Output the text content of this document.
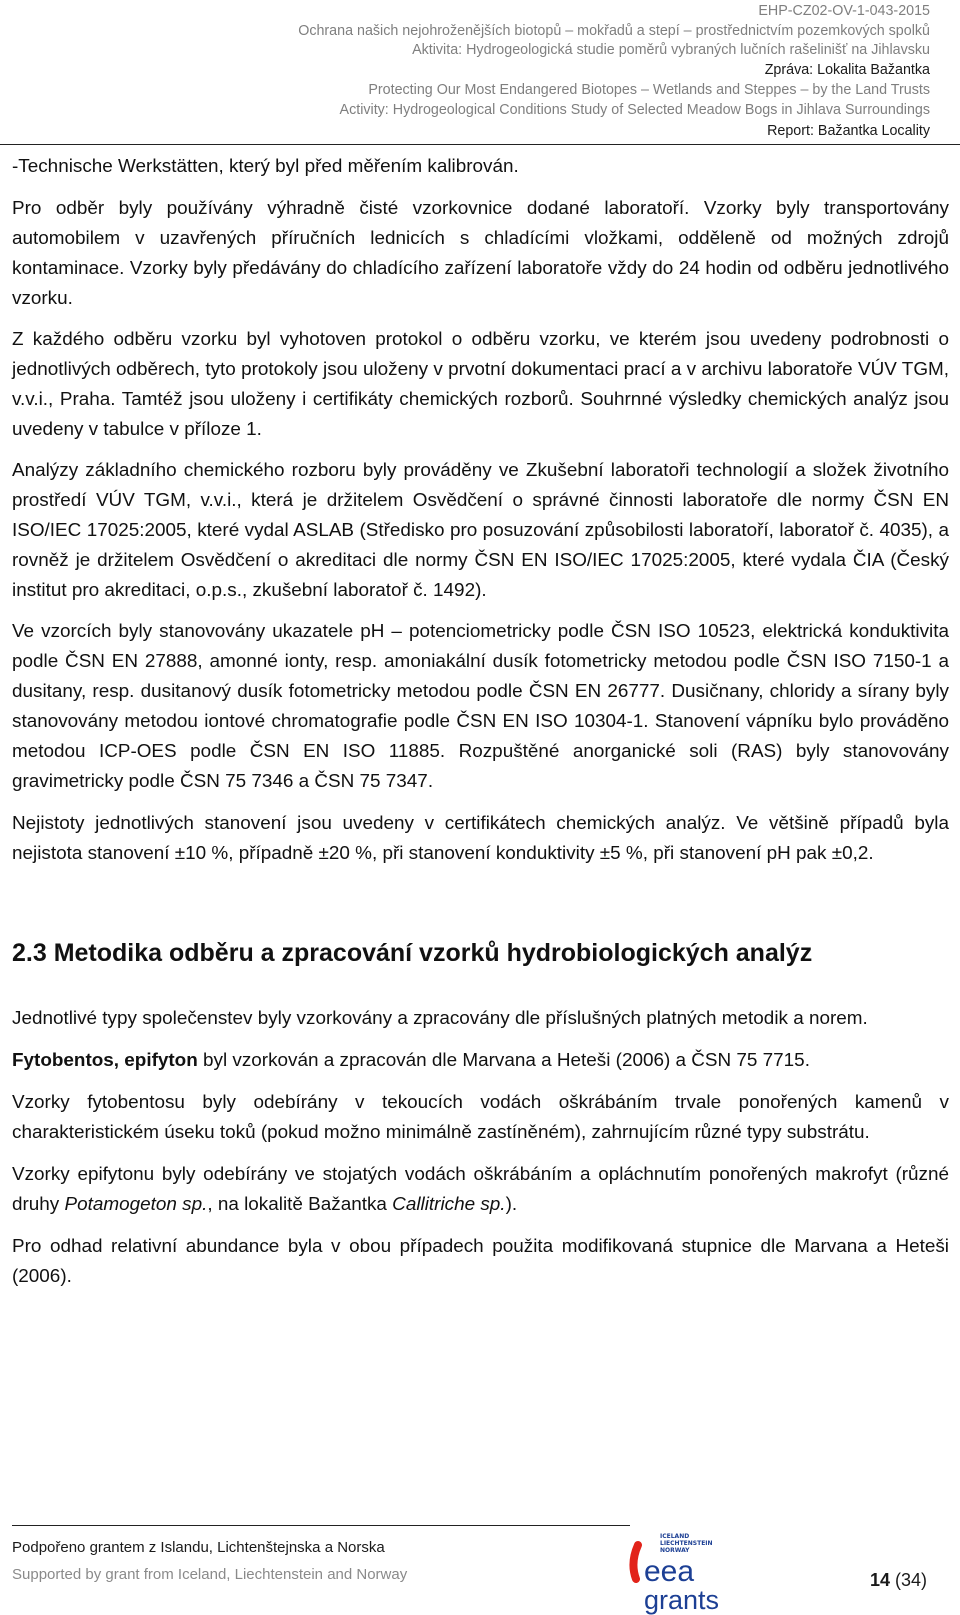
EHP-CZ02-OV-1-043-2015
Ochrana našich nejohroženějších biotopů – mokřadů a stepí – prostřednictvím pozemkových spolků
Aktivita: Hydrogeologická studie poměrů vybraných lučních rašelinišť na Jihlavsku
Zpráva: Lokalita Bažantka
Protecting Our Most Endangered Biotopes – Wetlands and Steppes – by the Land Trusts
Activity: Hydrogeological Conditions Study of Selected Meadow Bogs in Jihlava Surroundings
Report: Bažantka Locality

-Technische Werkstätten, který byl před měřením kalibrován.

Pro odběr byly používány výhradně čisté vzorkovnice dodané laboratoří. Vzorky byly transportovány automobilem v uzavřených příručních lednicích s chladícími vložkami, odděleně od možných zdrojů kontaminace. Vzorky byly předávány do chladícího zařízení laboratoře vždy do 24 hodin od odběru jednotlivého vzorku.

Z každého odběru vzorku byl vyhotoven protokol o odběru vzorku, ve kterém jsou uvedeny podrobnosti o jednotlivých odběrech, tyto protokoly jsou uloženy v prvotní dokumentaci prací a v archivu laboratoře VÚV TGM, v.v.i., Praha. Tamtéž jsou uloženy i certifikáty chemických rozborů. Souhrnné výsledky chemických analýz jsou uvedeny v tabulce v příloze 1.

Analýzy základního chemického rozboru byly prováděny ve Zkušební laboratoři technologií a složek životního prostředí VÚV TGM, v.v.i., která je držitelem Osvědčení o správné činnosti laboratoře dle normy ČSN EN ISO/IEC 17025:2005, které vydal ASLAB (Středisko pro posuzování způsobilosti laboratoří, laboratoř č. 4035), a rovněž je držitelem Osvědčení o akreditaci dle normy ČSN EN ISO/IEC 17025:2005, které vydala ČIA (Český institut pro akreditaci, o.p.s., zkušební laboratoř č. 1492).

Ve vzorcích byly stanovovány ukazatele pH – potenciometricky podle ČSN ISO 10523, elektrická konduktivita podle ČSN EN 27888, amonné ionty, resp. amoniakální dusík fotometricky metodou podle ČSN ISO 7150-1 a dusitany, resp. dusitanový dusík fotometricky metodou podle ČSN EN 26777. Dusičnany, chloridy a sírany byly stanovovány metodou iontové chromatografie podle ČSN EN ISO 10304-1. Stanovení vápníku bylo prováděno metodou ICP-OES podle ČSN EN ISO 11885. Rozpuštěné anorganické soli (RAS) byly stanovovány gravimetricky podle ČSN 75 7346 a ČSN 75 7347.

Nejistoty jednotlivých stanovení jsou uvedeny v certifikátech chemických analýz. Ve většině případů byla nejistota stanovení ±10 %, případně ±20 %, při stanovení konduktivity ±5 %, při stanovení pH pak ±0,2.

2.3 Metodika odběru a zpracování vzorků hydrobiologických analýz

Jednotlivé typy společenstev byly vzorkovány a zpracovány dle příslušných platných metodik a norem.

Fytobentos, epifyton byl vzorkován a zpracován dle Marvana a Heteši (2006) a ČSN 75 7715.

Vzorky fytobentosu byly odebírány v tekoucích vodách oškrábáním trvale ponořených kamenů v charakteristickém úseku toků (pokud možno minimálně zastíněném), zahrnujícím různé typy substrátu.

Vzorky epifytonu byly odebírány ve stojatých vodách oškrábáním a opláchnutím ponořených makrofyt (různé druhy Potamogeton sp., na lokalitě Bažantka Callitriche sp.).

Pro odhad relativní abundance byla v obou případech použita modifikovaná stupnice dle Marvana a Heteši (2006).

Podpořeno grantem z Islandu, Lichtenštejnska a Norska
Supported by grant from Iceland, Liechtenstein and Norway
ICELAND
LIECHTENSTEIN
NORWAY
eea
grants
14 (34)
